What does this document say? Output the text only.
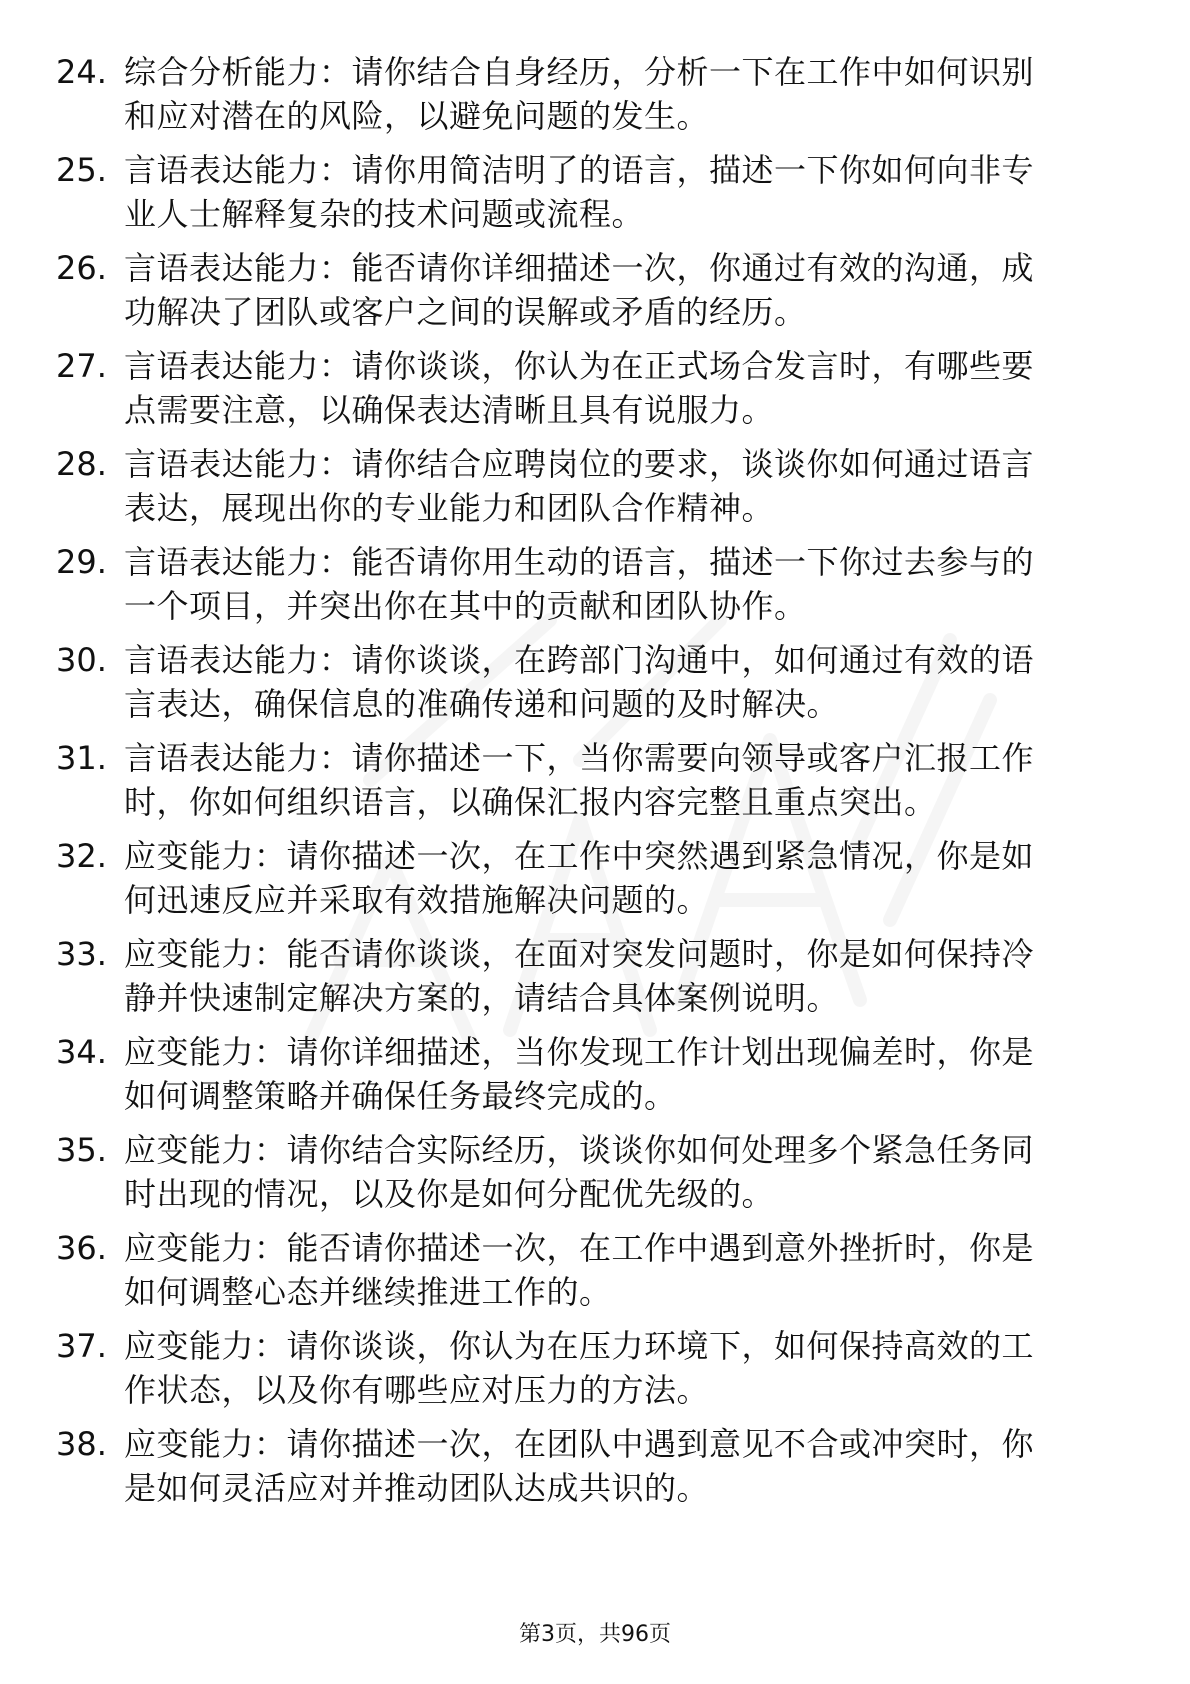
24. 综合分析能力：请你结合自身经历，分析一下在工作中如何识别
和应对潜在的风险，以避免问题的发生。
25. 言语表达能力：请你用简洁明了的语言，描述一下你如何向非专
业人士解释复杂的技术问题或流程。
26. 言语表达能力：能否请你详细描述一次，你通过有效的沟通，成
功解决了团队或客户之间的误解或矛盾的经历。
27. 言语表达能力：请你谈谈，你认为在正式场合发言时，有哪些要
点需要注意，以确保表达清晰且具有说服力。
28. 言语表达能力：请你结合应聘岗位的要求，谈谈你如何通过语言
表达，展现出你的专业能力和团队合作精神。
29. 言语表达能力：能否请你用生动的语言，描述一下你过去参与的
一个项目，并突出你在其中的贡献和团队协作。
30. 言语表达能力：请你谈谈，在跨部门沟通中，如何通过有效的语
言表达，确保信息的准确传递和问题的及时解决。
31. 言语表达能力：请你描述一下，当你需要向领导或客户汇报工作
时，你如何组织语言，以确保汇报内容完整且重点突出。
32. 应变能力：请你描述一次，在工作中突然遇到紧急情况，你是如
何迅速反应并采取有效措施解决问题的。
33. 应变能力：能否请你谈谈，在面对突发问题时，你是如何保持冷
静并快速制定解决方案的，请结合具体案例说明。
34. 应变能力：请你详细描述，当你发现工作计划出现偏差时，你是
如何调整策略并确保任务最终完成的。
35. 应变能力：请你结合实际经历，谈谈你如何处理多个紧急任务同
时出现的情况，以及你是如何分配优先级的。
36. 应变能力：能否请你描述一次，在工作中遇到意外挫折时，你是
如何调整心态并继续推进工作的。
37. 应变能力：请你谈谈，你认为在压力环境下，如何保持高效的工
作状态，以及你有哪些应对压力的方法。
38. 应变能力：请你描述一次，在团队中遇到意见不合或冲突时，你
是如何灵活应对并推动团队达成共识的。
第3页，共96页
